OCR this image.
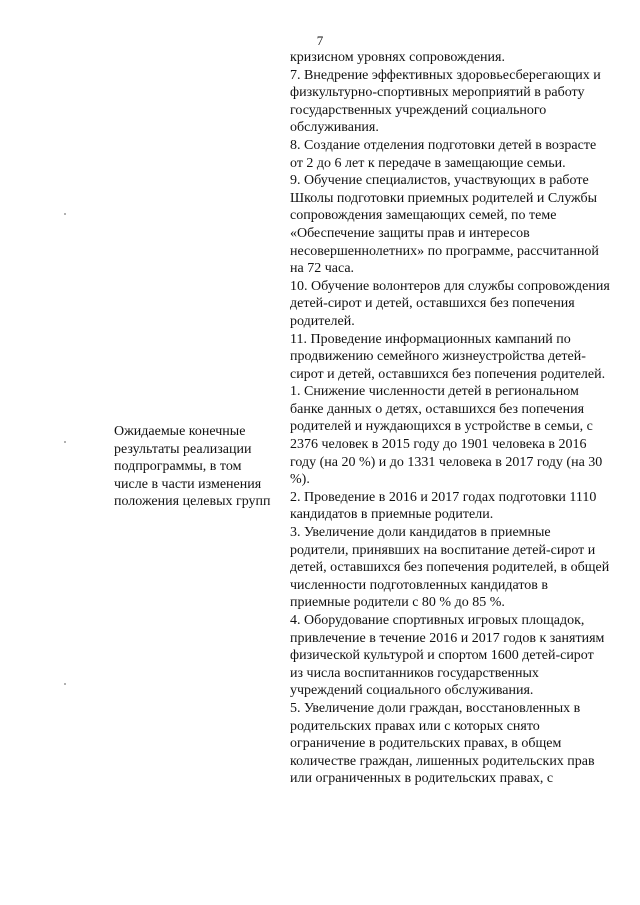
7

Ожидаемые конечные результаты реализации подпрограммы, в том числе в части изменения положения целевых групп

кризисном уровнях сопровождения.

7. Внедрение эффективных здоровьесберегающих и физкультурно-спортивных мероприятий в работу государственных учреждений социального обслуживания.

8. Создание отделения подготовки детей в возрасте от 2 до 6 лет к передаче в замещающие семьи.

9. Обучение специалистов, участвующих в работе Школы подготовки приемных родителей и Службы сопровождения замещающих семей, по теме «Обеспечение защиты прав и интересов несовершеннолетних» по программе, рассчитанной на 72 часа.

10. Обучение волонтеров для службы сопровождения детей-сирот и детей, оставшихся без попечения родителей.

11. Проведение информационных кампаний по продвижению семейного жизнеустройства детей-сирот и детей, оставшихся без попечения родителей.

1. Снижение численности детей в региональном банке данных о детях, оставшихся без попечения родителей и нуждающихся в устройстве в семьи, с 2376 человек в 2015 году до 1901 человека в 2016 году (на 20 %) и до 1331 человека в 2017 году (на 30 %).

2. Проведение в 2016 и 2017 годах подготовки 1110 кандидатов в приемные родители.

3. Увеличение доли кандидатов в приемные родители, принявших на воспитание детей-сирот и детей, оставшихся без попечения родителей, в общей численности подготовленных кандидатов в приемные родители с 80 % до 85 %.

4. Оборудование спортивных игровых площадок, привлечение в течение 2016 и 2017 годов к занятиям физической культурой и спортом 1600 детей-сирот из числа воспитанников государственных учреждений социального обслуживания.

5. Увеличение доли граждан, восстановленных в родительских правах или с которых снято ограничение в родительских правах, в общем количестве граждан, лишенных родительских прав или ограниченных в родительских правах, с
